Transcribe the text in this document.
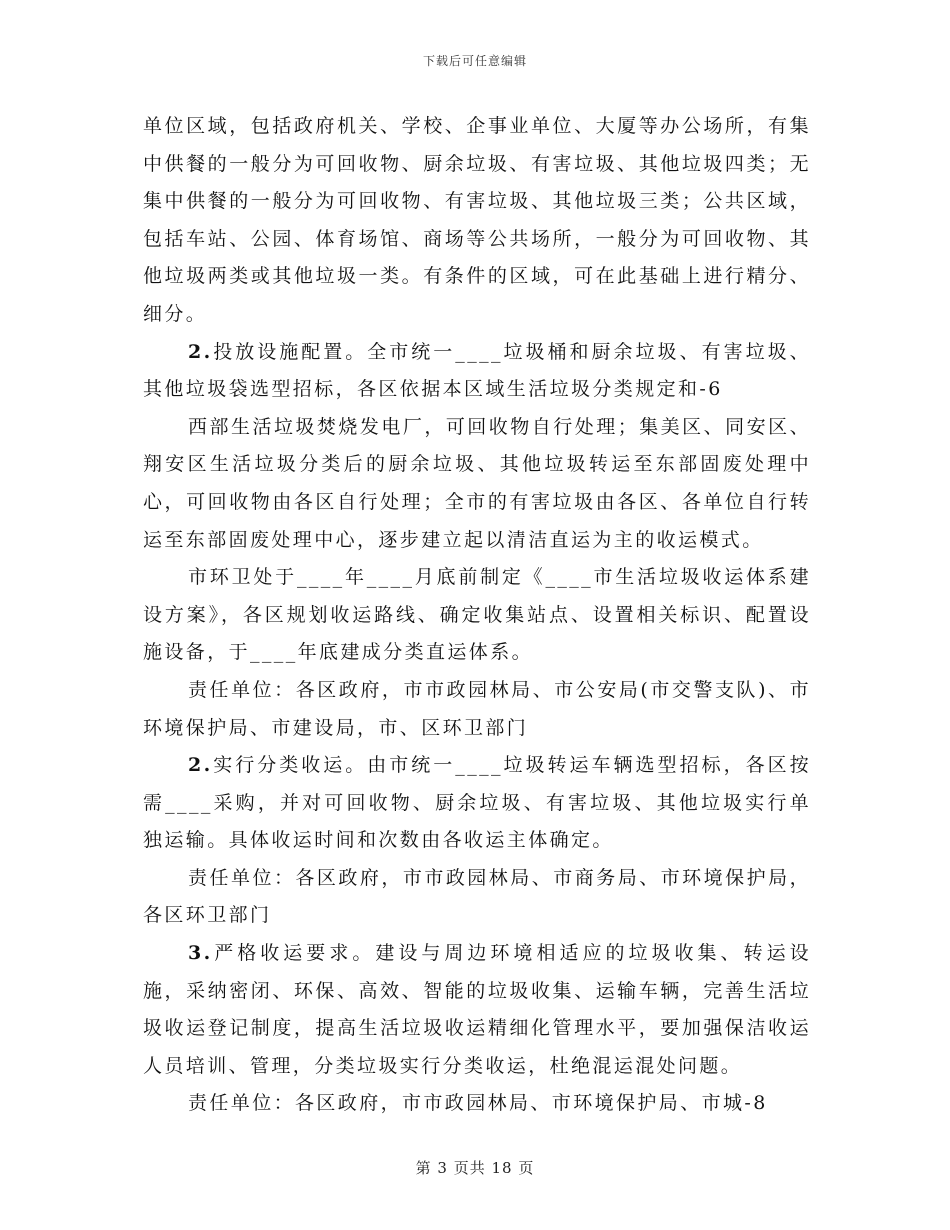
下载后可任意编辑

单位区域，包括政府机关、学校、企事业单位、大厦等办公场所，有集中供餐的一般分为可回收物、厨余垃圾、有害垃圾、其他垃圾四类；无集中供餐的一般分为可回收物、有害垃圾、其他垃圾三类；公共区域，包括车站、公园、体育场馆、商场等公共场所，一般分为可回收物、其他垃圾两类或其他垃圾一类。有条件的区域，可在此基础上进行精分、细分。

2.投放设施配置。全市统一____垃圾桶和厨余垃圾、有害垃圾、其他垃圾袋选型招标，各区依据本区域生活垃圾分类规定和-6

西部生活垃圾焚烧发电厂，可回收物自行处理；集美区、同安区、翔安区生活垃圾分类后的厨余垃圾、其他垃圾转运至东部固废处理中心，可回收物由各区自行处理；全市的有害垃圾由各区、各单位自行转运至东部固废处理中心，逐步建立起以清洁直运为主的收运模式。

市环卫处于____年____月底前制定《____市生活垃圾收运体系建设方案》，各区规划收运路线、确定收集站点、设置相关标识、配置设施设备，于____年底建成分类直运体系。

责任单位：各区政府，市市政园林局、市公安局(市交警支队)、市环境保护局、市建设局，市、区环卫部门

2.实行分类收运。由市统一____垃圾转运车辆选型招标，各区按需____采购，并对可回收物、厨余垃圾、有害垃圾、其他垃圾实行单独运输。具体收运时间和次数由各收运主体确定。

责任单位：各区政府，市市政园林局、市商务局、市环境保护局，各区环卫部门

3.严格收运要求。建设与周边环境相适应的垃圾收集、转运设施，采纳密闭、环保、高效、智能的垃圾收集、运输车辆，完善生活垃圾收运登记制度，提高生活垃圾收运精细化管理水平，要加强保洁收运人员培训、管理，分类垃圾实行分类收运，杜绝混运混处问题。

责任单位：各区政府，市市政园林局、市环境保护局、市城-8

第 3 页共 18 页
